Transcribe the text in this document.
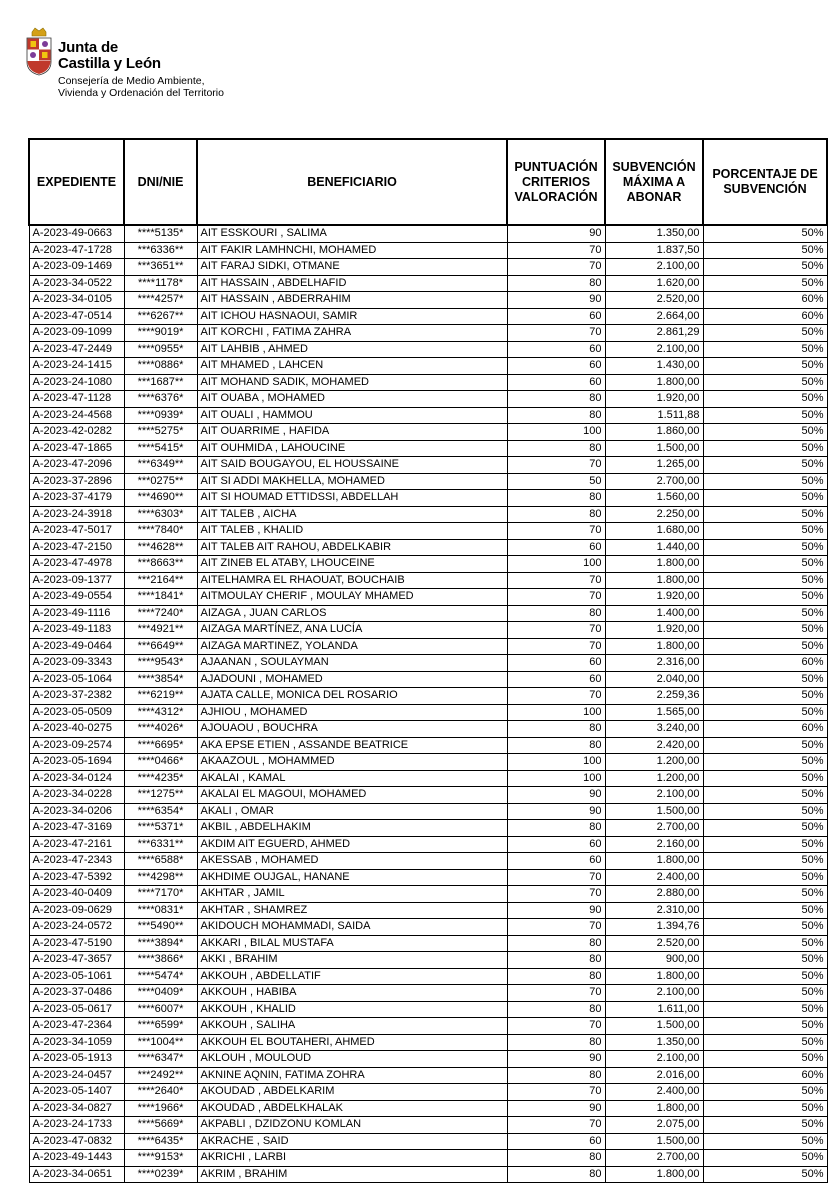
Junta de
Castilla y León
Consejería de Medio Ambiente,
Vivienda y Ordenación del Territorio
EXPEDIENTE	DNI/NIE	BENEFICIARIO	PUNTUACIÓN CRITERIOS VALORACIÓN	SUBVENCIÓN MÁXIMA A ABONAR	PORCENTAJE DE SUBVENCIÓN
A-2023-49-0663	****5135*	AIT ESSKOURI , SALIMA	90	1.350,00	50%
A-2023-47-1728	***6336**	AIT FAKIR LAMHNCHI, MOHAMED	70	1.837,50	50%
A-2023-09-1469	***3651**	AIT FARAJ SIDKI, OTMANE	70	2.100,00	50%
A-2023-34-0522	****1178*	AIT HASSAIN , ABDELHAFID	80	1.620,00	50%
A-2023-34-0105	****4257*	AIT HASSAIN , ABDERRAHIM	90	2.520,00	60%
A-2023-47-0514	***6267**	AIT ICHOU HASNAOUI, SAMIR	60	2.664,00	60%
A-2023-09-1099	****9019*	AIT KORCHI , FATIMA ZAHRA	70	2.861,29	50%
A-2023-47-2449	****0955*	AIT LAHBIB , AHMED	60	2.100,00	50%
A-2023-24-1415	****0886*	AIT MHAMED , LAHCEN	60	1.430,00	50%
A-2023-24-1080	***1687**	AIT MOHAND SADIK, MOHAMED	60	1.800,00	50%
A-2023-47-1128	****6376*	AIT OUABA , MOHAMED	80	1.920,00	50%
A-2023-24-4568	****0939*	AIT OUALI , HAMMOU	80	1.511,88	50%
A-2023-42-0282	****5275*	AIT OUARRIME , HAFIDA	100	1.860,00	50%
A-2023-47-1865	****5415*	AIT OUHMIDA , LAHOUCINE	80	1.500,00	50%
A-2023-47-2096	***6349**	AIT SAID BOUGAYOU, EL HOUSSAINE	70	1.265,00	50%
A-2023-37-2896	***0275**	AIT SI ADDI MAKHELLA, MOHAMED	50	2.700,00	50%
A-2023-37-4179	***4690**	AIT SI HOUMAD ETTIDSSI, ABDELLAH	80	1.560,00	50%
A-2023-24-3918	****6303*	AIT TALEB , AICHA	80	2.250,00	50%
A-2023-47-5017	****7840*	AIT TALEB , KHALID	70	1.680,00	50%
A-2023-47-2150	***4628**	AIT TALEB AIT RAHOU, ABDELKABIR	60	1.440,00	50%
A-2023-47-4978	***8663**	AIT ZINEB EL ATABY, LHOUCEINE	100	1.800,00	50%
A-2023-09-1377	***2164**	AITELHAMRA EL RHAOUAT, BOUCHAIB	70	1.800,00	50%
A-2023-49-0554	****1841*	AITMOULAY CHERIF , MOULAY MHAMED	70	1.920,00	50%
A-2023-49-1116	****7240*	AIZAGA , JUAN CARLOS	80	1.400,00	50%
A-2023-49-1183	***4921**	AIZAGA MARTÍNEZ, ANA LUCÍA	70	1.920,00	50%
A-2023-49-0464	***6649**	AIZAGA MARTINEZ, YOLANDA	70	1.800,00	50%
A-2023-09-3343	****9543*	AJAANAN , SOULAYMAN	60	2.316,00	60%
A-2023-05-1064	****3854*	AJADOUNI , MOHAMED	60	2.040,00	50%
A-2023-37-2382	***6219**	AJATA CALLE, MONICA DEL ROSARIO	70	2.259,36	50%
A-2023-05-0509	****4312*	AJHIOU , MOHAMED	100	1.565,00	50%
A-2023-40-0275	****4026*	AJOUAOU , BOUCHRA	80	3.240,00	60%
A-2023-09-2574	****6695*	AKA EPSE ETIEN , ASSANDE BEATRICE	80	2.420,00	50%
A-2023-05-1694	****0466*	AKAAZOUL , MOHAMMED	100	1.200,00	50%
A-2023-34-0124	****4235*	AKALAI , KAMAL	100	1.200,00	50%
A-2023-34-0228	***1275**	AKALAI EL MAGOUI, MOHAMED	90	2.100,00	50%
A-2023-34-0206	****6354*	AKALI , OMAR	90	1.500,00	50%
A-2023-47-3169	****5371*	AKBIL , ABDELHAKIM	80	2.700,00	50%
A-2023-47-2161	***6331**	AKDIM AIT EGUERD, AHMED	60	2.160,00	50%
A-2023-47-2343	****6588*	AKESSAB , MOHAMED	60	1.800,00	50%
A-2023-47-5392	***4298**	AKHDIME OUJGAL, HANANE	70	2.400,00	50%
A-2023-40-0409	****7170*	AKHTAR , JAMIL	70	2.880,00	50%
A-2023-09-0629	****0831*	AKHTAR , SHAMREZ	90	2.310,00	50%
A-2023-24-0572	***5490**	AKIDOUCH MOHAMMADI, SAIDA	70	1.394,76	50%
A-2023-47-5190	****3894*	AKKARI , BILAL MUSTAFA	80	2.520,00	50%
A-2023-47-3657	****3866*	AKKI , BRAHIM	80	900,00	50%
A-2023-05-1061	****5474*	AKKOUH , ABDELLATIF	80	1.800,00	50%
A-2023-37-0486	****0409*	AKKOUH , HABIBA	70	2.100,00	50%
A-2023-05-0617	****6007*	AKKOUH , KHALID	80	1.611,00	50%
A-2023-47-2364	****6599*	AKKOUH , SALIHA	70	1.500,00	50%
A-2023-34-1059	***1004**	AKKOUH EL BOUTAHERI, AHMED	80	1.350,00	50%
A-2023-05-1913	****6347*	AKLOUH , MOULOUD	90	2.100,00	50%
A-2023-24-0457	***2492**	AKNINE AQNIN, FATIMA ZOHRA	80	2.016,00	60%
A-2023-05-1407	****2640*	AKOUDAD , ABDELKARIM	70	2.400,00	50%
A-2023-34-0827	****1966*	AKOUDAD , ABDELKHALAK	90	1.800,00	50%
A-2023-24-1733	****5669*	AKPABLI , DZIDZONU KOMLAN	70	2.075,00	50%
A-2023-47-0832	****6435*	AKRACHE , SAID	60	1.500,00	50%
A-2023-49-1443	****9153*	AKRICHI , LARBI	80	2.700,00	50%
A-2023-34-0651	****0239*	AKRIM , BRAHIM	80	1.800,00	50%
